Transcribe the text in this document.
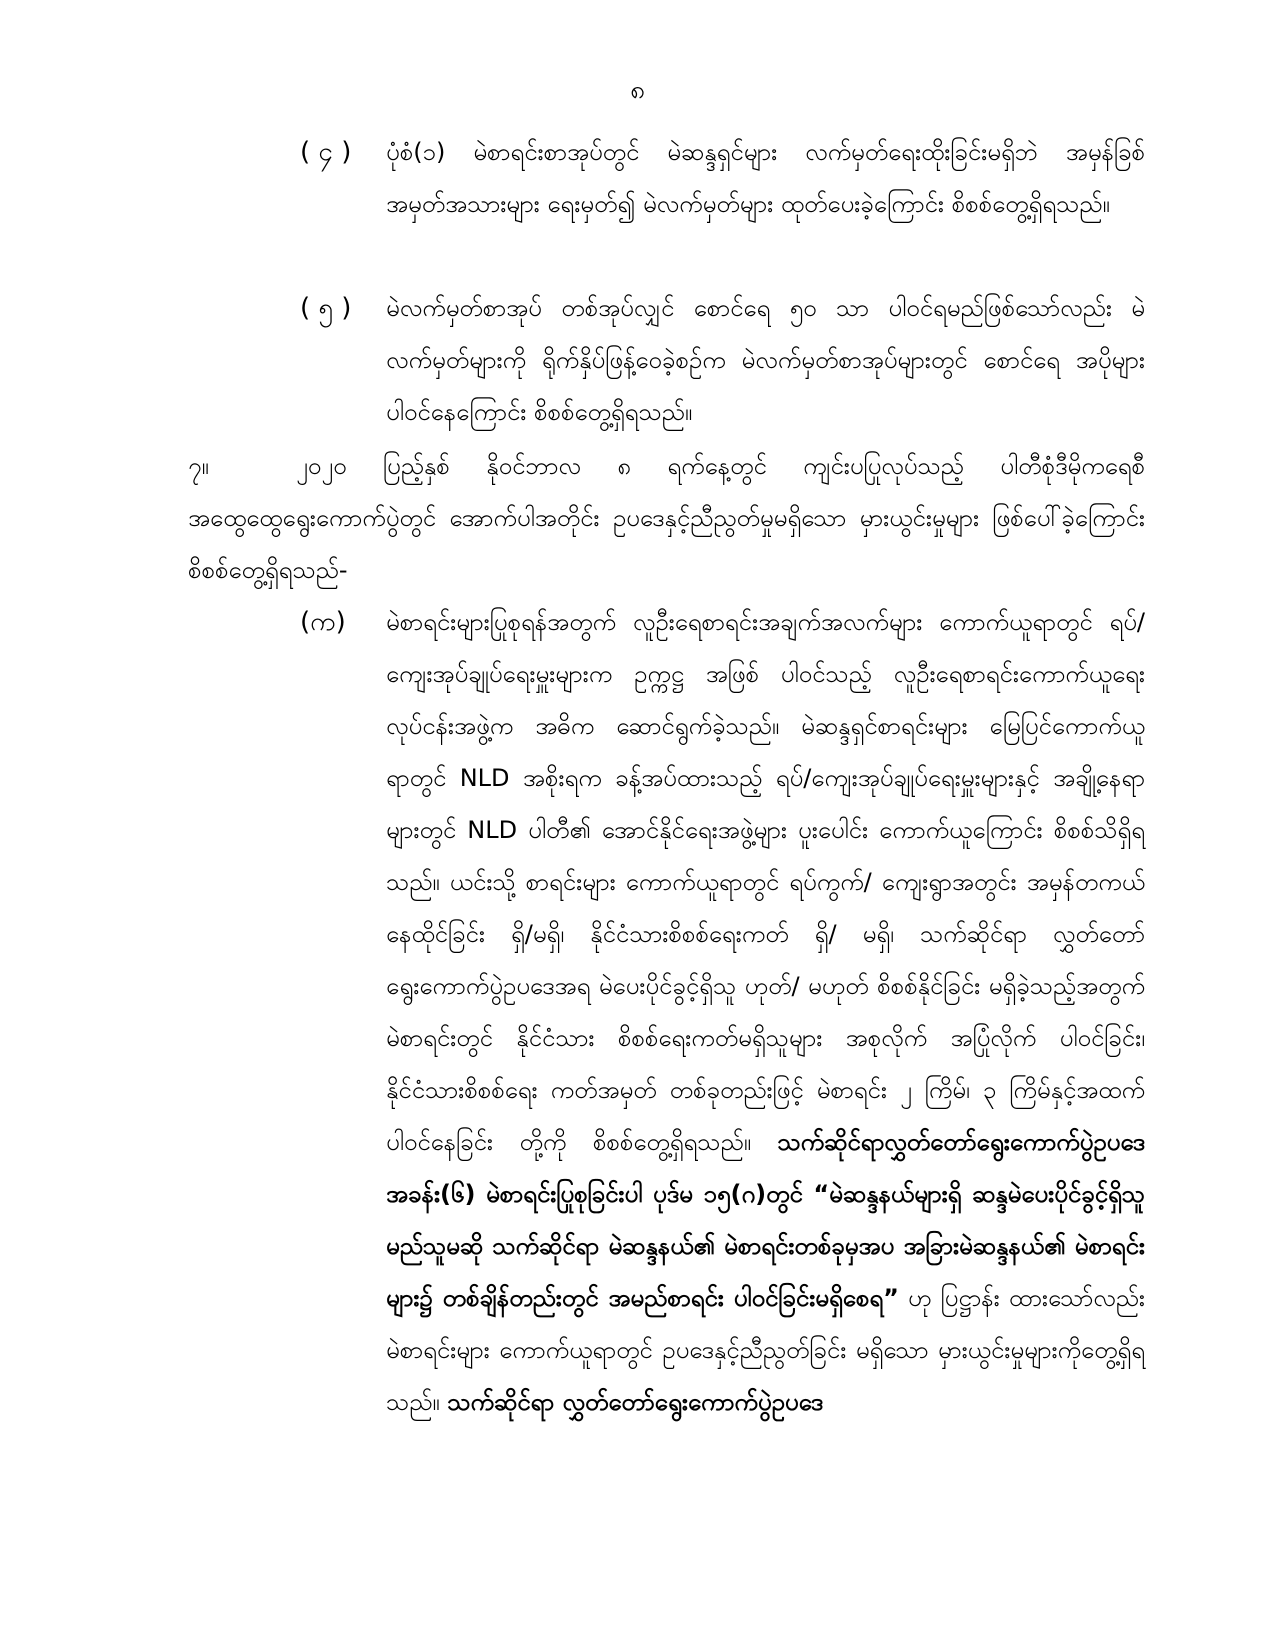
၈
( ၄ )	ပုံစံ(၁) မဲစာရင်းစာအုပ်တွင် မဲဆန္ဒရှင်များ လက်မှတ်ရေးထိုးခြင်းမရှိဘဲ အမှန်ခြစ် အမှတ်အသားများ ရေးမှတ်၍ မဲလက်မှတ်များ ထုတ်ပေးခဲ့ကြောင်း စိစစ်တွေ့ရှိရသည်။
( ၅ )	မဲလက်မှတ်စာအုပ် တစ်အုပ်လျှင် စောင်ရေ ၅၀ သာ ပါဝင်ရမည်ဖြစ်သော်လည်း မဲလက်မှတ်များကို ရိုက်နှိပ်ဖြန့်ဝေခဲ့စဉ်က မဲလက်မှတ်စာအုပ်များတွင် စောင်ရေ အပိုများ ပါဝင်နေကြောင်း စိစစ်တွေ့ရှိရသည်။
၇။	၂၀၂၀ ပြည့်နှစ် နိုဝင်ဘာလ ၈ ရက်နေ့တွင် ကျင်းပပြုလုပ်သည့် ပါတီစုံဒီမိုကရေစီ အထွေထွေရွေးကောက်ပွဲတွင် အောက်ပါအတိုင်း ဥပဒေနှင့်ညီညွတ်မှုမရှိသော မှားယွင်းမှုများ ဖြစ်ပေါ်ခဲ့ကြောင်း စိစစ်တွေ့ရှိရသည်-
(က)	မဲစာရင်းများပြုစုရန်အတွက် လူဦးရေစာရင်းအချက်အလက်များ ကောက်ယူရာတွင် ရပ်/ကျေးအုပ်ချုပ်ရေးမှူးများက ဥက္ကဋ္ဌ အဖြစ် ပါဝင်သည့် လူဦးရေစာရင်းကောက်ယူရေးလုပ်ငန်းအဖွဲ့က အဓိက ဆောင်ရွက်ခဲ့သည်။ မဲဆန္ဒရှင်စာရင်းများ မြေပြင်ကောက်ယူရာတွင် NLD အစိုးရက ခန့်အပ်ထားသည့် ရပ်/ကျေးအုပ်ချုပ်ရေးမှူးများနှင့် အချို့နေရာများတွင် NLD ပါတီ၏ အောင်နိုင်ရေးအဖွဲ့များ ပူးပေါင်း ကောက်ယူကြောင်း စိစစ်သိရှိရသည်။ ယင်းသို့ စာရင်းများ ကောက်ယူရာတွင် ရပ်ကွက်/ ကျေးရွာအတွင်း အမှန်တကယ်နေထိုင်ခြင်း ရှိ/မရှိ၊ နိုင်ငံသားစိစစ်ရေးကတ် ရှိ/ မရှိ၊ သက်ဆိုင်ရာ လွှတ်တော်ရွေးကောက်ပွဲဥပဒေအရ မဲပေးပိုင်ခွင့်ရှိသူ ဟုတ်/ မဟုတ် စိစစ်နိုင်ခြင်း မရှိခဲ့သည့်အတွက် မဲစာရင်းတွင် နိုင်ငံသား စိစစ်ရေးကတ်မရှိသူများ အစုလိုက် အပြုံလိုက် ပါဝင်ခြင်း၊ နိုင်ငံသားစိစစ်ရေး ကတ်အမှတ် တစ်ခုတည်းဖြင့် မဲစာရင်း ၂ ကြိမ်၊ ၃ ကြိမ်နှင့်အထက် ပါဝင်နေခြင်း တို့ကို စိစစ်တွေ့ရှိရသည်။ သက်ဆိုင်ရာလွှတ်တော်ရွေးကောက်ပွဲဥပဒေ အခန်း(၆) မဲစာရင်းပြုစုခြင်းပါ ပုဒ်မ ၁၅(ဂ)တွင် “မဲဆန္ဒနယ်များရှိ ဆန္ဒမဲပေးပိုင်ခွင့်ရှိသူ မည်သူမဆို သက်ဆိုင်ရာ မဲဆန္ဒနယ်၏ မဲစာရင်းတစ်ခုမှအပ အခြားမဲဆန္ဒနယ်၏ မဲစာရင်းများ၌ တစ်ချိန်တည်းတွင် အမည်စာရင်း ပါဝင်ခြင်းမရှိစေရ” ဟု ပြဋ္ဌာန်း ထားသော်လည်း မဲစာရင်းများ ကောက်ယူရာတွင် ဥပဒေနှင့်ညီညွတ်ခြင်း မရှိသော မှားယွင်းမှုများကိုတွေ့ရှိရသည်။ သက်ဆိုင်ရာ လွှတ်တော်ရွေးကောက်ပွဲဥပဒေ
